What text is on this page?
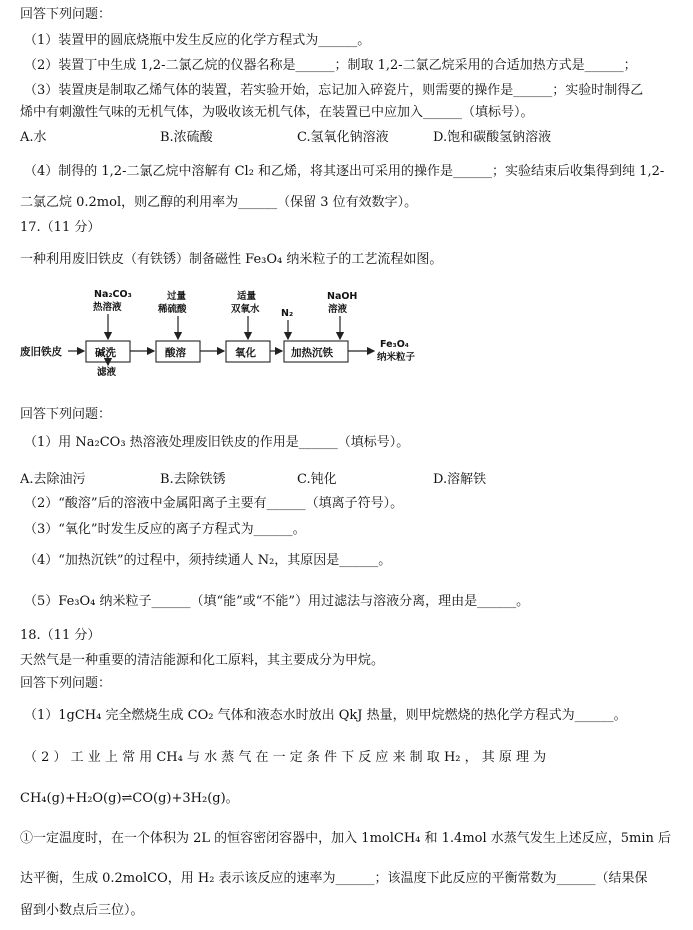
回答下列问题：
（1）装置甲的圆底烧瓶中发生反应的化学方程式为______。
（2）装置丁中生成 1,2-二氯乙烷的仪器名称是______；制取 1,2-二氯乙烷采用的合适加热方式是______；
（3）装置庚是制取乙烯气体的装置，若实验开始，忘记加入碎瓷片，则需要的操作是______；实验时制得乙
烯中有刺激性气味的无机气体，为吸收该无机气体，在装置已中应加入______（填标号）。
A.水	B.浓硫酸	C.氢氧化钠溶液	D.饱和碳酸氢钠溶液
（4）制得的 1,2-二氯乙烷中溶解有 Cl₂ 和乙烯，将其逐出可采用的操作是______；实验结束后收集得到纯 1,2-
二氯乙烷 0.2mol，则乙醇的利用率为______（保留 3 位有效数字）。
17.（11 分）
一种利用废旧铁皮（有铁锈）制备磁性 Fe₃O₄ 纳米粒子的工艺流程如图。
废旧铁皮	碱洗
Na₂CO₃
热溶液
滤液
酸溶
过量
稀硫酸
氧化
适量
双氧水
加热沉铁
N₂
NaOH
溶液
Fe₃O₄
纳米粒子
回答下列问题：
（1）用 Na₂CO₃ 热溶液处理废旧铁皮的作用是______（填标号）。
A.去除油污	B.去除铁锈	C.钝化	D.溶解铁
（2）“酸溶”后的溶液中金属阳离子主要有______（填离子符号）。
（3）“氧化”时发生反应的离子方程式为______。
（4）“加热沉铁”的过程中，须持续通人 N₂，其原因是______。
（5）Fe₃O₄ 纳米粒子______（填“能”或“不能”）用过滤法与溶液分离，理由是______。
18.（11 分）
天然气是一种重要的清洁能源和化工原料，其主要成分为甲烷。
回答下列问题：
（1）1gCH₄ 完全燃烧生成 CO₂ 气体和液态水时放出 QkJ 热量，则甲烷燃烧的热化学方程式为______。
（ 2 ） 工 业 上 常 用 CH₄ 与 水 蒸 气 在 一 定 条 件 下 反 应 来 制 取 H₂ ， 其 原 理 为
CH₄(g)+H₂O(g)⇌CO(g)+3H₂(g)。
①一定温度时，在一个体积为 2L 的恒容密闭容器中，加入 1molCH₄ 和 1.4mol 水蒸气发生上述反应，5min 后
达平衡，生成 0.2molCO，用 H₂ 表示该反应的速率为______；该温度下此反应的平衡常数为______（结果保
留到小数点后三位）。
